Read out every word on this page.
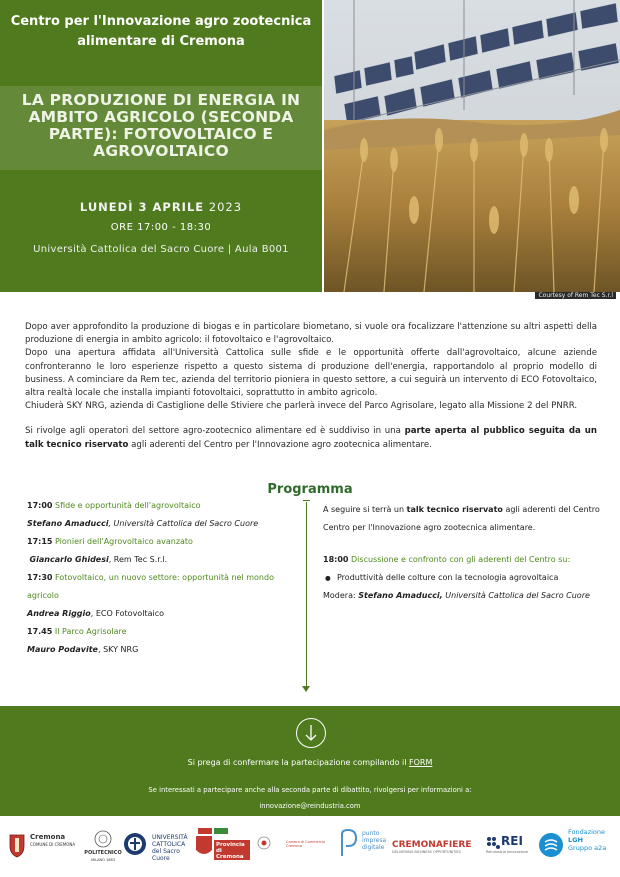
Centro per l'Innovazione agro zootecnica alimentare di Cremona
LA PRODUZIONE DI ENERGIA IN AMBITO AGRICOLO (SECONDA PARTE): FOTOVOLTAICO E AGROVOLTAICO
LUNEDÌ 3 APRILE 2023
ORE 17:00 - 18:30
Università Cattolica del Sacro Cuore | Aula B001
Courtesy of Rem Tec S.r.l

Dopo aver approfondito la produzione di biogas e in particolare biometano, si vuole ora focalizzare l'attenzione su altri aspetti della produzione di energia in ambito agricolo: il fotovoltaico e l'agrovoltaico.

Dopo una apertura affidata all'Università Cattolica sulle sfide e le opportunità offerte dall'agrovoltaico, alcune aziende confronteranno le loro esperienze rispetto a questo sistema di produzione dell'energia, rapportandolo al proprio modello di business. A cominciare da Rem tec, azienda del territorio pioniera in questo settore, a cui seguirà un intervento di ECO Fotovoltaico, altra realtà locale che installa impianti fotovoltaici, soprattutto in ambito agricolo.

Chiuderà SKY NRG, azienda di Castiglione delle Stiviere che parlerà invece del Parco Agrisolare, legato alla Missione 2 del PNRR.

Si rivolge agli operatori del settore agro-zootecnico alimentare ed è suddiviso in una parte aperta al pubblico seguita da un talk tecnico riservato agli aderenti del Centro per l'Innovazione agro zootecnica alimentare.

Programma
17:00 Sfide e opportunità dell'agrovoltaico
Stefano Amaducci, Università Cattolica del Sacro Cuore
17:15 Pionieri dell'Agrovoltaico avanzato
Giancarlo Ghidesi, Rem Tec S.r.l.
17:30 Fotovoltaico, un nuovo settore: opportunità nel mondo agricolo
Andrea Riggio, ECO Fotovoltaico
17.45 Il Parco Agrisolare
Mauro Podavite, SKY NRG

A seguire si terrà un talk tecnico riservato agli aderenti del Centro Centro per l'Innovazione agro zootecnica alimentare.

18:00 Discussione e confronto con gli aderenti del Centro su:

● Produttività delle colture con la tecnologia agrovoltaica

Modera: Stefano Amaducci, Università Cattolica del Sacro Cuore

Si prega di confermare la partecipazione compilando il FORM
Se interessati a partecipare anche alla seconda parte di dibattito, rivolgersi per informazioni a:
innovazione@reindustria.com
Cremona
COMUNE DI CREMONA
POLITECNICO
MILANO 1863
UNIVERSITÀ CATTOLICA del Sacro Cuore
Provincia di Cremona
Camera di Commercio Cremona
punto
impresa
digitale CREMONAFIERE
DELIVERING BUSINESS OPPORTUNITIES
REI
Reindustria Innovazione
Fondazione
LGH
Gruppo a2a
